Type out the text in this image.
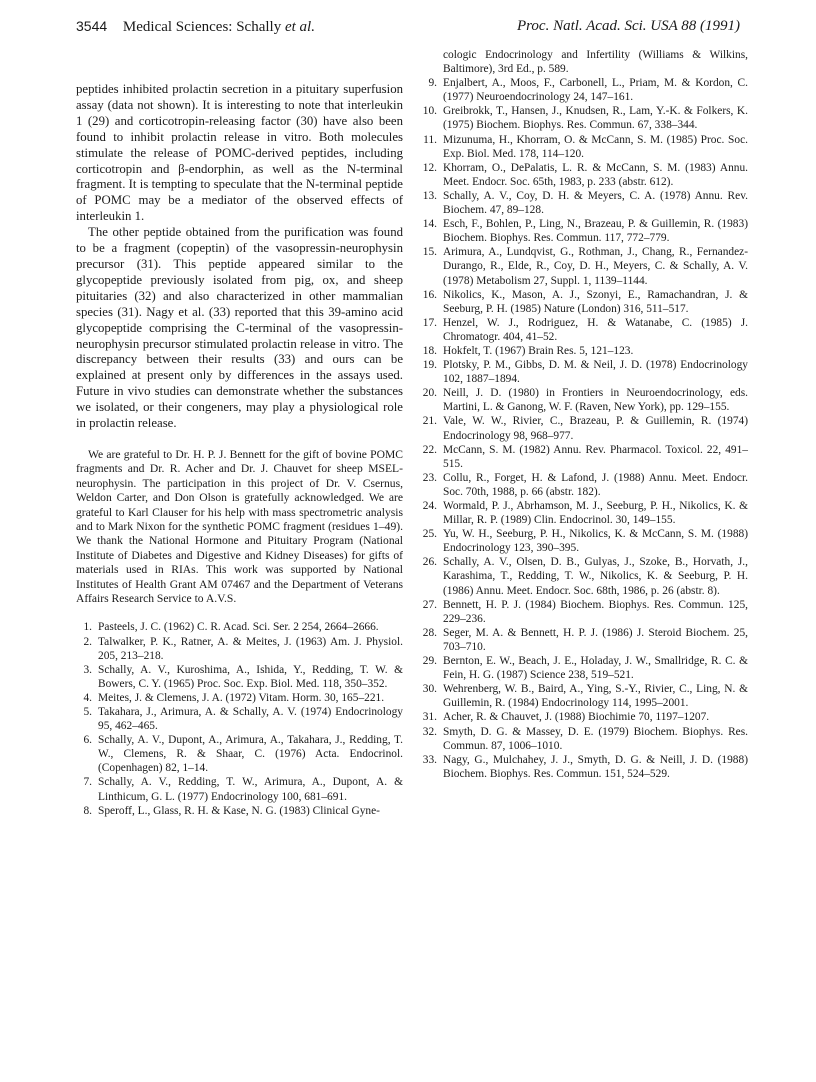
3544 Medical Sciences: Schally et al.	Proc. Natl. Acad. Sci. USA 88 (1991)

peptides inhibited prolactin secretion in a pituitary superfusion assay (data not shown). It is interesting to note that interleukin 1 (29) and corticotropin-releasing factor (30) have also been found to inhibit prolactin release in vitro. Both molecules stimulate the release of POMC-derived peptides, including corticotropin and β-endorphin, as well as the N-terminal fragment. It is tempting to speculate that the N-terminal peptide of POMC may be a mediator of the observed effects of interleukin 1.

The other peptide obtained from the purification was found to be a fragment (copeptin) of the vasopressin-neurophysin precursor (31). This peptide appeared similar to the glycopeptide previously isolated from pig, ox, and sheep pituitaries (32) and also characterized in other mammalian species (31). Nagy et al. (33) reported that this 39-amino acid glycopeptide comprising the C-terminal of the vasopressin-neurophysin precursor stimulated prolactin release in vitro. The discrepancy between their results (33) and ours can be explained at present only by differences in the assays used. Future in vivo studies can demonstrate whether the substances we isolated, or their congeners, may play a physiological role in prolactin release.

We are grateful to Dr. H. P. J. Bennett for the gift of bovine POMC fragments and Dr. R. Acher and Dr. J. Chauvet for sheep MSEL-neurophysin. The participation in this project of Dr. V. Csernus, Weldon Carter, and Don Olson is gratefully acknowledged. We are grateful to Karl Clauser for his help with mass spectrometric analysis and to Mark Nixon for the synthetic POMC fragment (residues 1–49). We thank the National Hormone and Pituitary Program (National Institute of Diabetes and Digestive and Kidney Diseases) for gifts of materials used in RIAs. This work was supported by National Institutes of Health Grant AM 07467 and the Department of Veterans Affairs Research Service to A.V.S.
1. Pasteels, J. C. (1962) C. R. Acad. Sci. Ser. 2 254, 2664–2666.
2. Talwalker, P. K., Ratner, A. & Meites, J. (1963) Am. J. Physiol. 205, 213–218.
3. Schally, A. V., Kuroshima, A., Ishida, Y., Redding, T. W. & Bowers, C. Y. (1965) Proc. Soc. Exp. Biol. Med. 118, 350–352.
4. Meites, J. & Clemens, J. A. (1972) Vitam. Horm. 30, 165–221.
5. Takahara, J., Arimura, A. & Schally, A. V. (1974) Endocrinology 95, 462–465.
6. Schally, A. V., Dupont, A., Arimura, A., Takahara, J., Redding, T. W., Clemens, R. & Shaar, C. (1976) Acta. Endocrinol. (Copenhagen) 82, 1–14.
7. Schally, A. V., Redding, T. W., Arimura, A., Dupont, A. & Linthicum, G. L. (1977) Endocrinology 100, 681–691.
8. Speroff, L., Glass, R. H. & Kase, N. G. (1983) Clinical Gyne-
cologic Endocrinology and Infertility (Williams & Wilkins, Baltimore), 3rd Ed., p. 589.
9. Enjalbert, A., Moos, F., Carbonell, L., Priam, M. & Kordon, C. (1977) Neuroendocrinology 24, 147–161.
10. Greibrokk, T., Hansen, J., Knudsen, R., Lam, Y.-K. & Folkers, K. (1975) Biochem. Biophys. Res. Commun. 67, 338–344.
11. Mizunuma, H., Khorram, O. & McCann, S. M. (1985) Proc. Soc. Exp. Biol. Med. 178, 114–120.
12. Khorram, O., DePalatis, L. R. & McCann, S. M. (1983) Annu. Meet. Endocr. Soc. 65th, 1983, p. 233 (abstr. 612).
13. Schally, A. V., Coy, D. H. & Meyers, C. A. (1978) Annu. Rev. Biochem. 47, 89–128.
14. Esch, F., Bohlen, P., Ling, N., Brazeau, P. & Guillemin, R. (1983) Biochem. Biophys. Res. Commun. 117, 772–779.
15. Arimura, A., Lundqvist, G., Rothman, J., Chang, R., Fernandez-Durango, R., Elde, R., Coy, D. H., Meyers, C. & Schally, A. V. (1978) Metabolism 27, Suppl. 1, 1139–1144.
16. Nikolics, K., Mason, A. J., Szonyi, E., Ramachandran, J. & Seeburg, P. H. (1985) Nature (London) 316, 511–517.
17. Henzel, W. J., Rodriguez, H. & Watanabe, C. (1985) J. Chromatogr. 404, 41–52.
18. Hokfelt, T. (1967) Brain Res. 5, 121–123.
19. Plotsky, P. M., Gibbs, D. M. & Neil, J. D. (1978) Endocrinology 102, 1887–1894.
20. Neill, J. D. (1980) in Frontiers in Neuroendocrinology, eds. Martini, L. & Ganong, W. F. (Raven, New York), pp. 129–155.
21. Vale, W. W., Rivier, C., Brazeau, P. & Guillemin, R. (1974) Endocrinology 98, 968–977.
22. McCann, S. M. (1982) Annu. Rev. Pharmacol. Toxicol. 22, 491–515.
23. Collu, R., Forget, H. & Lafond, J. (1988) Annu. Meet. Endocr. Soc. 70th, 1988, p. 66 (abstr. 182).
24. Wormald, P. J., Abrhamson, M. J., Seeburg, P. H., Nikolics, K. & Millar, R. P. (1989) Clin. Endocrinol. 30, 149–155.
25. Yu, W. H., Seeburg, P. H., Nikolics, K. & McCann, S. M. (1988) Endocrinology 123, 390–395.
26. Schally, A. V., Olsen, D. B., Gulyas, J., Szoke, B., Horvath, J., Karashima, T., Redding, T. W., Nikolics, K. & Seeburg, P. H. (1986) Annu. Meet. Endocr. Soc. 68th, 1986, p. 26 (abstr. 8).
27. Bennett, H. P. J. (1984) Biochem. Biophys. Res. Commun. 125, 229–236.
28. Seger, M. A. & Bennett, H. P. J. (1986) J. Steroid Biochem. 25, 703–710.
29. Bernton, E. W., Beach, J. E., Holaday, J. W., Smallridge, R. C. & Fein, H. G. (1987) Science 238, 519–521.
30. Wehrenberg, W. B., Baird, A., Ying, S.-Y., Rivier, C., Ling, N. & Guillemin, R. (1984) Endocrinology 114, 1995–2001.
31. Acher, R. & Chauvet, J. (1988) Biochimie 70, 1197–1207.
32. Smyth, D. G. & Massey, D. E. (1979) Biochem. Biophys. Res. Commun. 87, 1006–1010.
33. Nagy, G., Mulchahey, J. J., Smyth, D. G. & Neill, J. D. (1988) Biochem. Biophys. Res. Commun. 151, 524–529.
